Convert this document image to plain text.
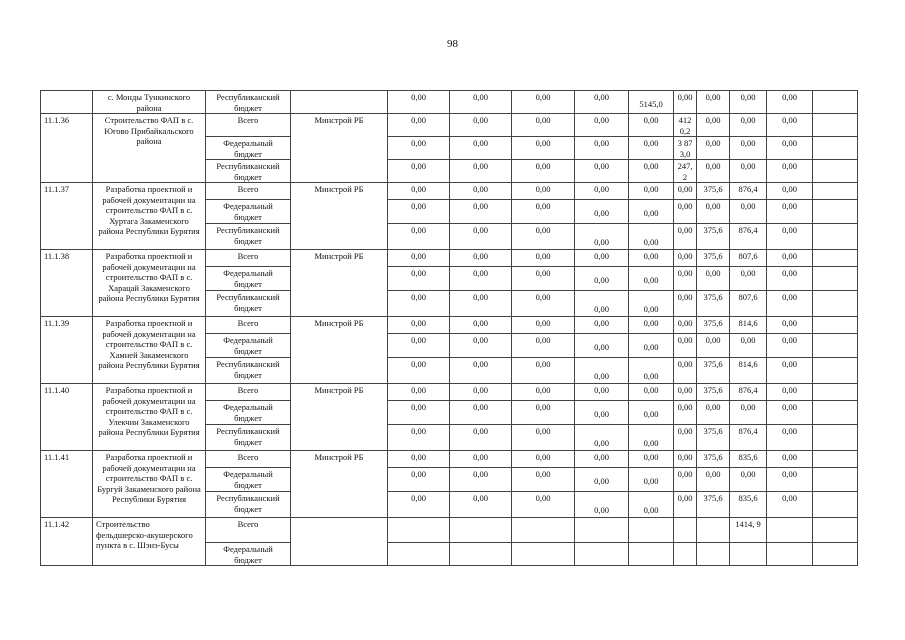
98
	с. Монды Тункинского района	Республиканский бюджет		0,00	0,00	0,00	0,00	5145,0	0,00	0,00	0,00	0,00	
11.1.36	Строительство ФАП в с. Югово Прибайкальского района	Всего	Минстрой РБ	0,00	0,00	0,00	0,00	0,00	412 0,2	0,00	0,00	0,00	
		Федеральный бюджет		0,00	0,00	0,00	0,00	0,00	3 87 3,0	0,00	0,00	0,00	
		Республиканский бюджет		0,00	0,00	0,00	0,00	0,00	247, 2	0,00	0,00	0,00	
11.1.37	Разработка проектной и рабочей документации на строительство ФАП в с. Хуртага Закаменского района Республики Бурятия	Всего	Минстрой РБ	0,00	0,00	0,00	0,00	0,00	0,00	375,6	876,4	0,00	
		Федеральный бюджет		0,00	0,00	0,00	0,00	0,00	0,00	0,00	0,00	0,00	
		Республиканский бюджет		0,00	0,00	0,00	0,00	0,00	0,00	375,6	876,4	0,00	
11.1.38	Разработка проектной и рабочей документации на строительство ФАП в с. Харацай Закаменского района Республики Бурятия	Всего	Минстрой РБ	0,00	0,00	0,00	0,00	0,00	0,00	375,6	807,6	0,00	
		Федеральный бюджет		0,00	0,00	0,00	0,00	0,00	0,00	0,00	0,00	0,00	
		Республиканский бюджет		0,00	0,00	0,00	0,00	0,00	0,00	375,6	807,6	0,00	
11.1.39	Разработка проектной и рабочей документации на строительство ФАП в с. Хамней Закаменского района Республики Бурятия	Всего	Минстрой РБ	0,00	0,00	0,00	0,00	0,00	0,00	375,6	814,6	0,00	
		Федеральный бюджет		0,00	0,00	0,00	0,00	0,00	0,00	0,00	0,00	0,00	
		Республиканский бюджет		0,00	0,00	0,00	0,00	0,00	0,00	375,6	814,6	0,00	
11.1.40	Разработка проектной и рабочей документации на строительство ФАП в с. Улекчин Закаменского района Республики Бурятия	Всего	Минстрой РБ	0,00	0,00	0,00	0,00	0,00	0,00	375,6	876,4	0,00	
		Федеральный бюджет		0,00	0,00	0,00	0,00	0,00	0,00	0,00	0,00	0,00	
		Республиканский бюджет		0,00	0,00	0,00	0,00	0,00	0,00	375,6	876,4	0,00	
11.1.41	Разработка проектной и рабочей документации на строительство ФАП в с. Бургуй Закаменского района Республики Бурятия	Всего	Минстрой РБ	0,00	0,00	0,00	0,00	0,00	0,00	375,6	835,6	0,00	
		Федеральный бюджет		0,00	0,00	0,00	0,00	0,00	0,00	0,00	0,00	0,00	
		Республиканский бюджет		0,00	0,00	0,00	0,00	0,00	0,00	375,6	835,6	0,00	
11.1.42	Строительство фельдшерско-акушерского пункта в с. Шэнэ-Бусы	Всего									1414, 9		
		Федеральный бюджет											
